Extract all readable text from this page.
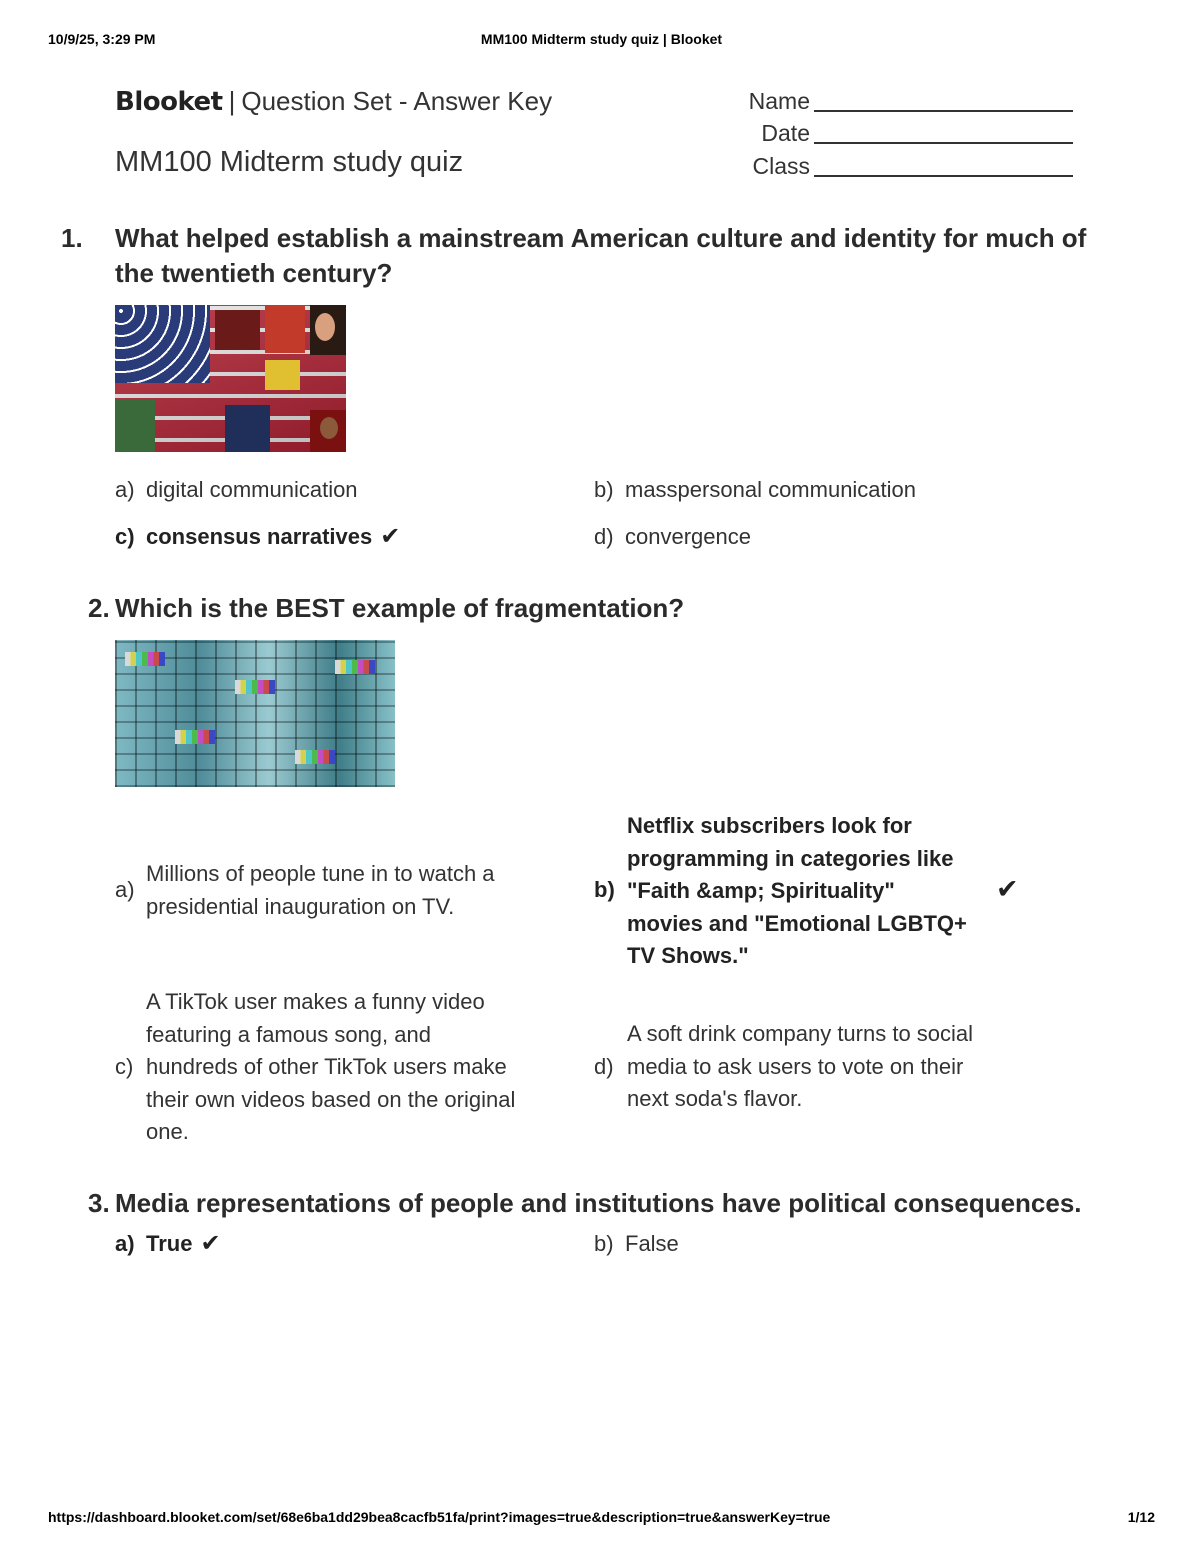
10/9/25, 3:29 PM	MM100 Midterm study quiz | Blooket
Blooket | Question Set - Answer Key
MM100 Midterm study quiz
Name
Date
Class
1. What helped establish a mainstream American culture and identity for much of
the twentieth century?
a) digital communication	b) masspersonal communication
c) consensus narratives ✔	d) convergence
2. Which is the BEST example of fragmentation?
a)
Millions of people tune in to watch a
presidential inauguration on TV.
b)
Netflix subscribers look for
programming in categories like
"Faith &amp; Spirituality"
movies and "Emotional LGBTQ+
TV Shows."
✔
c)
A TikTok user makes a funny video
featuring a famous song, and
hundreds of other TikTok users make
their own videos based on the original
one.
d)
A soft drink company turns to social
media to ask users to vote on their
next soda's flavor.
3. Media representations of people and institutions have political consequences.
a) True ✔	b) False
https://dashboard.blooket.com/set/68e6ba1dd29bea8cacfb51fa/print?images=true&description=true&answerKey=true	1/12
